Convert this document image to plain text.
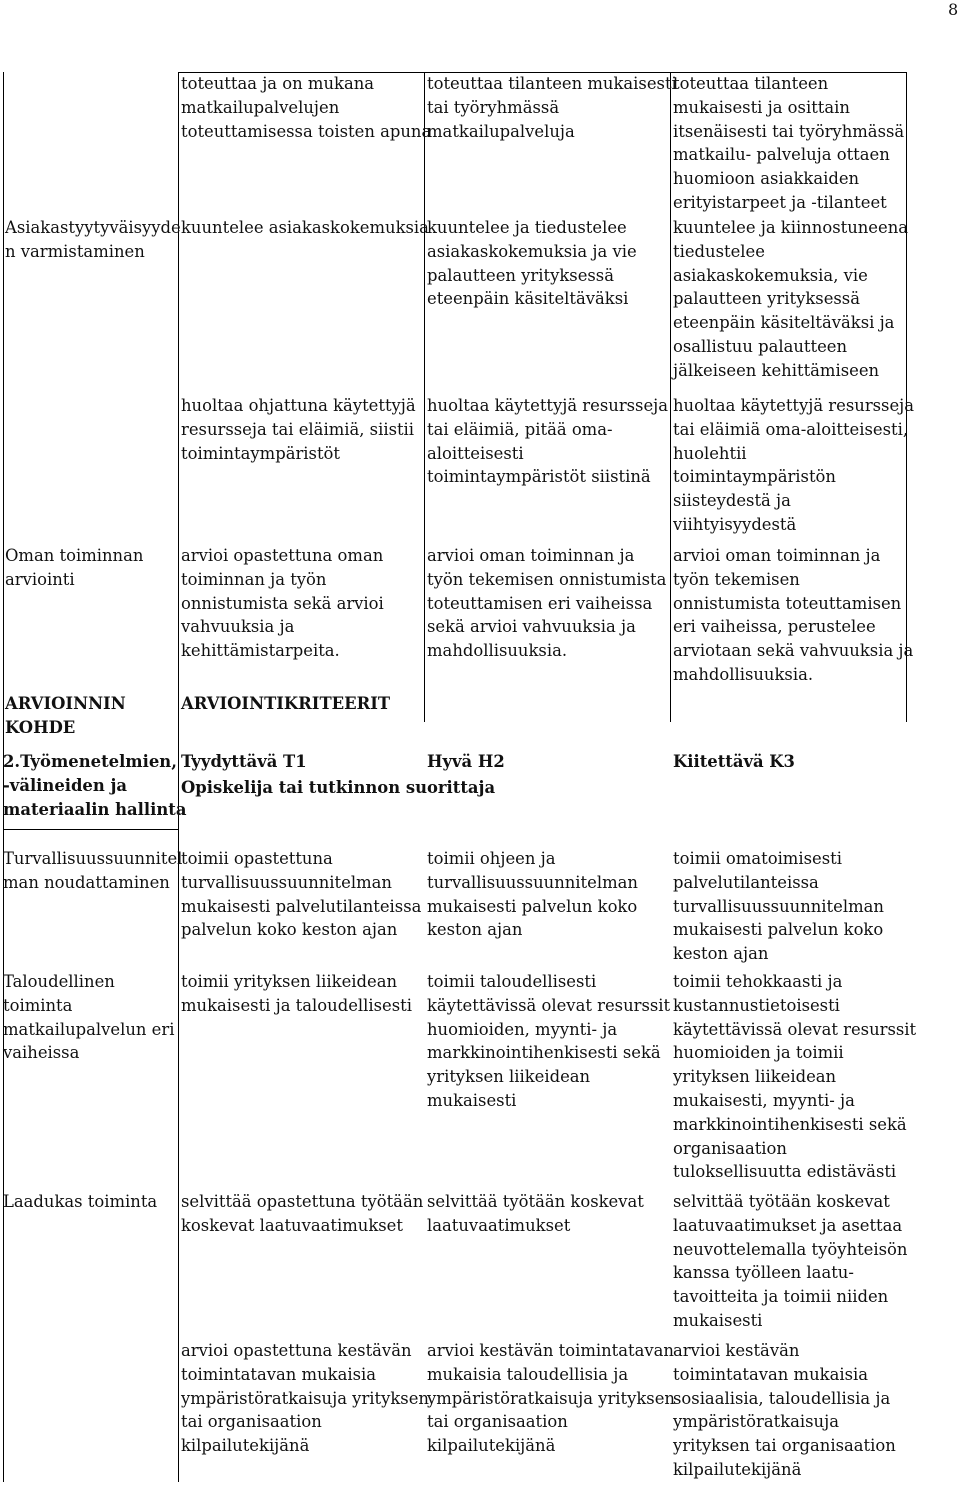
8

toteuttaa ja on mukana
matkailupalvelujen
toteuttamisessa toisten apuna

toteuttaa tilanteen mukaisesti
tai työryhmässä
matkailupalveluja

toteuttaa tilanteen
mukaisesti ja osittain
itsenäisesti tai työryhmässä
matkailu- palveluja ottaen
huomioon asiakkaiden
erityistarpeet ja -tilanteet

Asiakastyytyväisyyde
n varmistaminen

kuuntelee asiakaskokemuksia

kuuntelee ja tiedustelee
asiakaskokemuksia ja vie
palautteen yrityksessä
eteenpäin käsiteltäväksi

kuuntelee ja kiinnostuneena
tiedustelee
asiakaskokemuksia, vie
palautteen yrityksessä
eteenpäin käsiteltäväksi ja
osallistuu palautteen
jälkeiseen kehittämiseen

huoltaa ohjattuna käytettyjä
resursseja tai eläimiä, siistii
toimintaympäristöt

huoltaa käytettyjä resursseja
tai eläimiä, pitää oma-
aloitteisesti
toimintaympäristöt siistinä

huoltaa käytettyjä resursseja
tai eläimiä oma-aloitteisesti,
huolehtii
toimintaympäristön
siisteydestä ja
viihtyisyydestä

Oman toiminnan
arviointi

arvioi opastettuna oman
toiminnan ja työn
onnistumista sekä arvioi
vahvuuksia ja
kehittämistarpeita.

arvioi oman toiminnan ja
työn tekemisen onnistumista
toteuttamisen eri vaiheissa
sekä arvioi vahvuuksia ja
mahdollisuuksia.

arvioi oman toiminnan ja
työn tekemisen
onnistumista toteuttamisen
eri vaiheissa, perustelee
arviotaan sekä vahvuuksia ja
mahdollisuuksia.

ARVIOINNIN
KOHDE

ARVIOINTIKRITEERIT

2.Työmenetelmien,
-välineiden ja
materiaalin hallinta

Tyydyttävä T1	Hyvä H2	Kiitettävä K3

Opiskelija tai tutkinnon suorittaja

Turvallisuussuunnitel
man noudattaminen

toimii opastettuna
turvallisuussuunnitelman
mukaisesti palvelutilanteissa
palvelun koko keston ajan

toimii ohjeen ja
turvallisuussuunnitelman
mukaisesti palvelun koko
keston ajan

toimii omatoimisesti
palvelutilanteissa
turvallisuussuunnitelman
mukaisesti palvelun koko
keston ajan

Taloudellinen
toiminta
matkailupalvelun eri
vaiheissa

toimii yrityksen liikeidean
mukaisesti ja taloudellisesti

toimii taloudellisesti
käytettävissä olevat resurssit
huomioiden, myynti- ja
markkinointihenkisesti sekä
yrityksen liikeidean
mukaisesti

toimii tehokkaasti ja
kustannustietoisesti
käytettävissä olevat resurssit
huomioiden ja toimii
yrityksen liikeidean
mukaisesti, myynti- ja
markkinointihenkisesti sekä
organisaation
tuloksellisuutta edistävästi

Laadukas toiminta selvittää opastettuna työtään
koskevat laatuvaatimukset

selvittää työtään koskevat
laatuvaatimukset

selvittää työtään koskevat
laatuvaatimukset ja asettaa
neuvottelemalla työyhteisön
kanssa työlleen laatu-
tavoitteita ja toimii niiden
mukaisesti

arvioi opastettuna kestävän
toimintatavan mukaisia
ympäristöratkaisuja yrityksen
tai organisaation
kilpailutekijänä

arvioi kestävän toimintatavan
mukaisia taloudellisia ja
ympäristöratkaisuja yrityksen
tai organisaation
kilpailutekijänä

arvioi kestävän
toimintatavan mukaisia
sosiaalisia, taloudellisia ja
ympäristöratkaisuja
yrityksen tai organisaation
kilpailutekijänä
